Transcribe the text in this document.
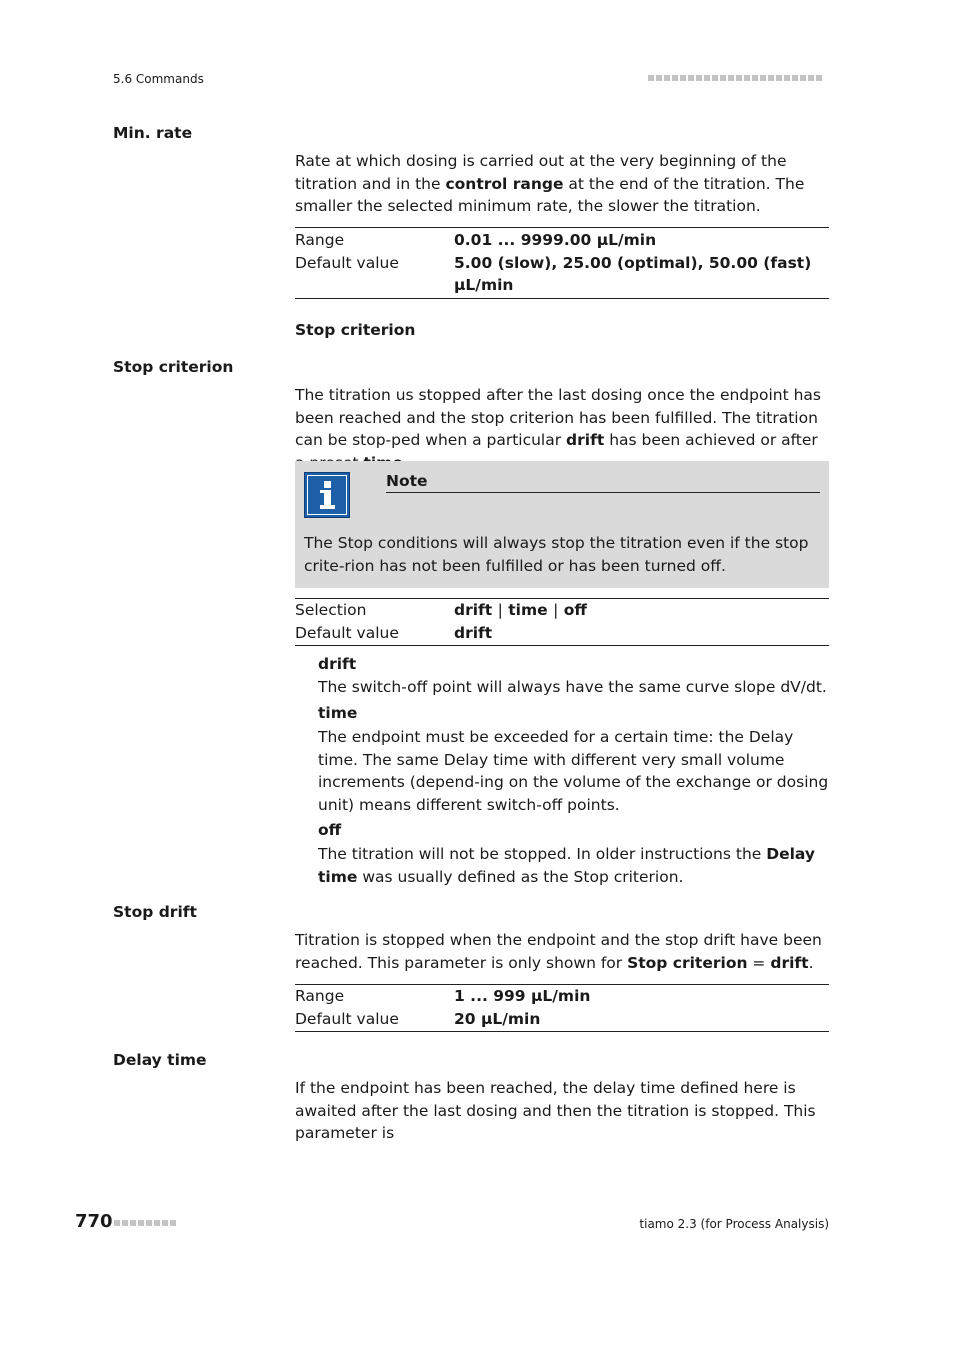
5.6 Commands
Min. rate
Rate at which dosing is carried out at the very beginning of the titration and in the control range at the end of the titration. The smaller the selected minimum rate, the slower the titration.
Range	0.01 ... 9999.00 µL/min
Default value	5.00 (slow), 25.00 (optimal), 50.00 (fast) µL/min
Stop criterion
Stop criterion
The titration us stopped after the last dosing once the endpoint has been reached and the stop criterion has been fulfilled. The titration can be stop-ped when a particular drift has been achieved or after
Note
The Stop conditions will always stop the titration even if the stop crite-rion has not been fulfilled or has been turned off.
Selection	drift | time | off
Default value	drift
drift
The switch-off point will always have the same curve slope dV/dt.
time
The endpoint must be exceeded for a certain time: the Delay time. The same Delay time with different very small volume increments (depend-ing on the volume of the exchange or dosing unit) means different switch-off points.
off
The titration will not be stopped. In older instructions the Delay time was usually defined as the Stop criterion.
Stop drift
Titration is stopped when the endpoint and the stop drift have been reached. This parameter is only shown for Stop criterion = drift.
Range	1 ... 999 µL/min
Default value	20 µL/min
Delay time
If the endpoint has been reached, the delay time defined here is awaited after the last dosing and then the titration is stopped. This parameter is
770	tiamo 2.3 (for Process Analysis)
